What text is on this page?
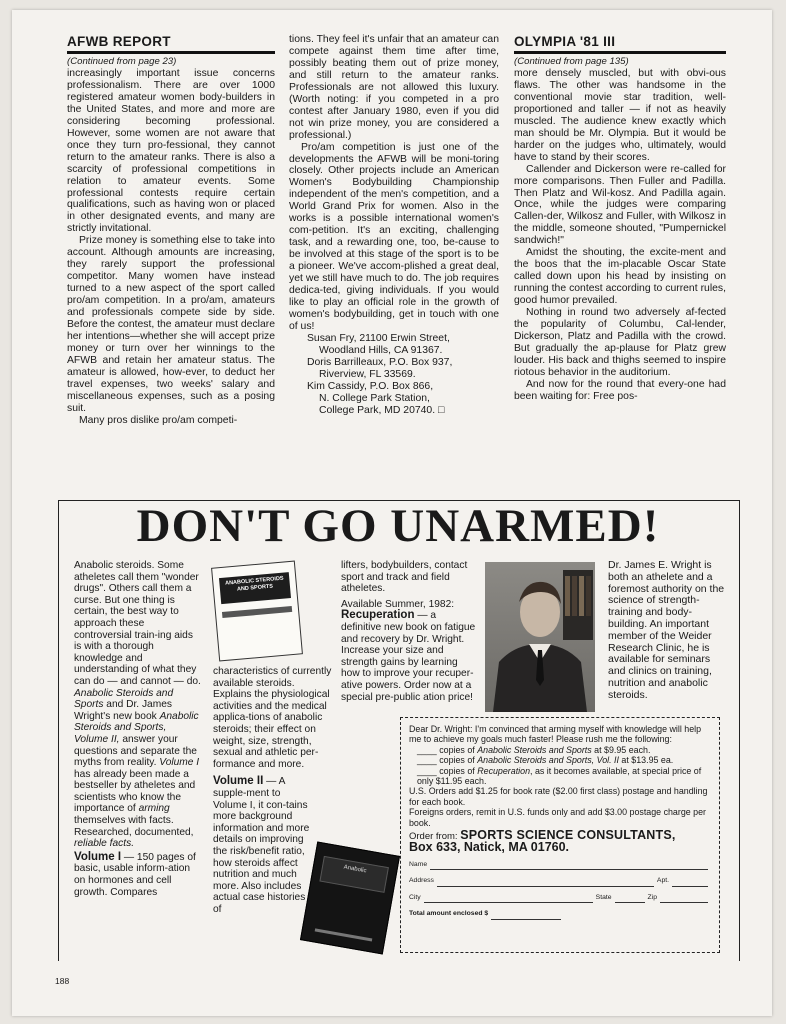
AFWB REPORT
(Continued from page 23)

increasingly important issue concerns professionalism. There are over 1000 registered amateur women body-builders in the United States, and more and more are considering becoming professional. However, some women are not aware that once they turn pro-fessional, they cannot return to the amateur ranks. There is also a scarcity of professional competitions in relation to amateur events. Some professional contests require certain qualifications, such as having won or placed in other designated events, and many are strictly invitational.

Prize money is something else to take into account. Although amounts are increasing, they rarely support the professional competitor. Many women have instead turned to a new aspect of the sport called pro/am competition. In a pro/am, amateurs and professionals compete side by side. Before the contest, the amateur must declare her intentions—whether she will accept prize money or turn over her winnings to the AFWB and retain her amateur status. The amateur is allowed, how-ever, to deduct her travel expenses, two weeks' salary and miscellaneous expenses, such as a posing suit.

Many pros dislike pro/am competi-

tions. They feel it's unfair that an amateur can compete against them time after time, possibly beating them out of prize money, and still return to the amateur ranks. Professionals are not allowed this luxury. (Worth noting: if you competed in a pro contest after January 1980, even if you did not win prize money, you are considered a professional.)

Pro/am competition is just one of the developments the AFWB will be moni-toring closely. Other projects include an American Women's Bodybuilding Championship independent of the men's competition, and a World Grand Prix for women. Also in the works is a possible international women's com-petition. It's an exciting, challenging task, and a rewarding one, too, be-cause to be involved at this stage of the sport is to be a pioneer. We've accom-plished a great deal, yet we still have much to do. The job requires dedica-ted, giving individuals. If you would like to play an official role in the growth of women's bodybuilding, get in touch with one of us!

Susan Fry, 21100 Erwin Street,
Woodland Hills, CA 91367.
Doris Barrilleaux, P.O. Box 937,
Riverview, FL 33569.
Kim Cassidy, P.O. Box 866,
N. College Park Station,
College Park, MD 20740. □
OLYMPIA '81 III
(Continued from page 135)

more densely muscled, but with obvi-ous flaws. The other was handsome in the conventional movie star tradition, well-proportioned and taller — if not as heavily muscled. The audience knew exactly which man should be Mr. Olympia. But it would be harder on the judges who, ultimately, would have to stand by their scores.

Callender and Dickerson were re-called for more comparisons. Then Fuller and Padilla. Then Platz and Wil-kosz. And Padilla again. Once, while the judges were comparing Callen-der, Wilkosz and Fuller, with Wilkosz in the middle, someone shouted, "Pumpernickel sandwich!"

Amidst the shouting, the excite-ment and the boos that the im-placable Oscar State called down upon his head by insisting on running the contest according to current rules, good humor prevailed.

Nothing in round two adversely af-fected the popularity of Columbu, Cal-lender, Dickerson, Platz and Padilla with the crowd. But gradually the ap-plause for Platz grew louder. His back and thighs seemed to inspire riotous behavior in the auditorium.

And now for the round that every-one had been waiting for: Free pos-

DON'T GO UNARMED!

Anabolic steroids. Some atheletes call them "wonder drugs". Others call them a curse. But one thing is certain, the best way to approach these controversial train-ing aids is with a thorough knowledge and understanding of what they can do — and cannot — do. Anabolic Steroids and Sports and Dr. James Wright's new book Anabolic Steroids and Sports, Volume II, answer your questions and separate the myths from reality. Volume I has already been made a bestseller by atheletes and scientists who know the importance of arming themselves with facts. Researched, documented, reliable facts.

Volume I — 150 pages of basic, usable inform-ation on hormones and cell growth. Compares

ANABOLIC STEROIDS AND SPORTS

characteristics of currently available steroids. Explains the physiological activities and the medical applica-tions of anabolic steroids; their effect on weight, size, strength, sexual and athletic per-formance and more.

Volume II — A supple-ment to Volume I, it con-tains more background information and more details on improving the risk/benefit ratio, how steroids affect nutrition and much more. Also includes actual case histories of

Anabolic

lifters, bodybuilders, contact sport and track and field atheletes.

Available Summer, 1982: Recuperation — a definitive new book on fatigue and recovery by Dr. Wright. Increase your size and strength gains by learning how to improve your recuper-ative powers. Order now at a special pre-public ation price!

Dr. James E. Wright is both an athelete and a foremost authority on the science of strength-training and body-building. An important member of the Weider Research Clinic, he is available for seminars and clinics on training, nutrition and anabolic steroids.

Dear Dr. Wright: I'm convinced that arming myself with knowledge will help me to achieve my goals much faster! Please rush me the following:

____ copies of Anabolic Steroids and Sports at $9.95 each.

____ copies of Anabolic Steroids and Sports, Vol. II at $13.95 ea.

____ copies of Recuperation, as it becomes available, at special price of only $11.95 each.

U.S. Orders add $1.25 for book rate ($2.00 first class) postage and handling for each book.

Foreigns orders, remit in U.S. funds only and add $3.00 postage charge per book.

Order from: SPORTS SCIENCE CONSULTANTS,

Box 633, Natick, MA 01760.

Name
Address	Apt.
City	State	Zip
Total amount enclosed $
188
